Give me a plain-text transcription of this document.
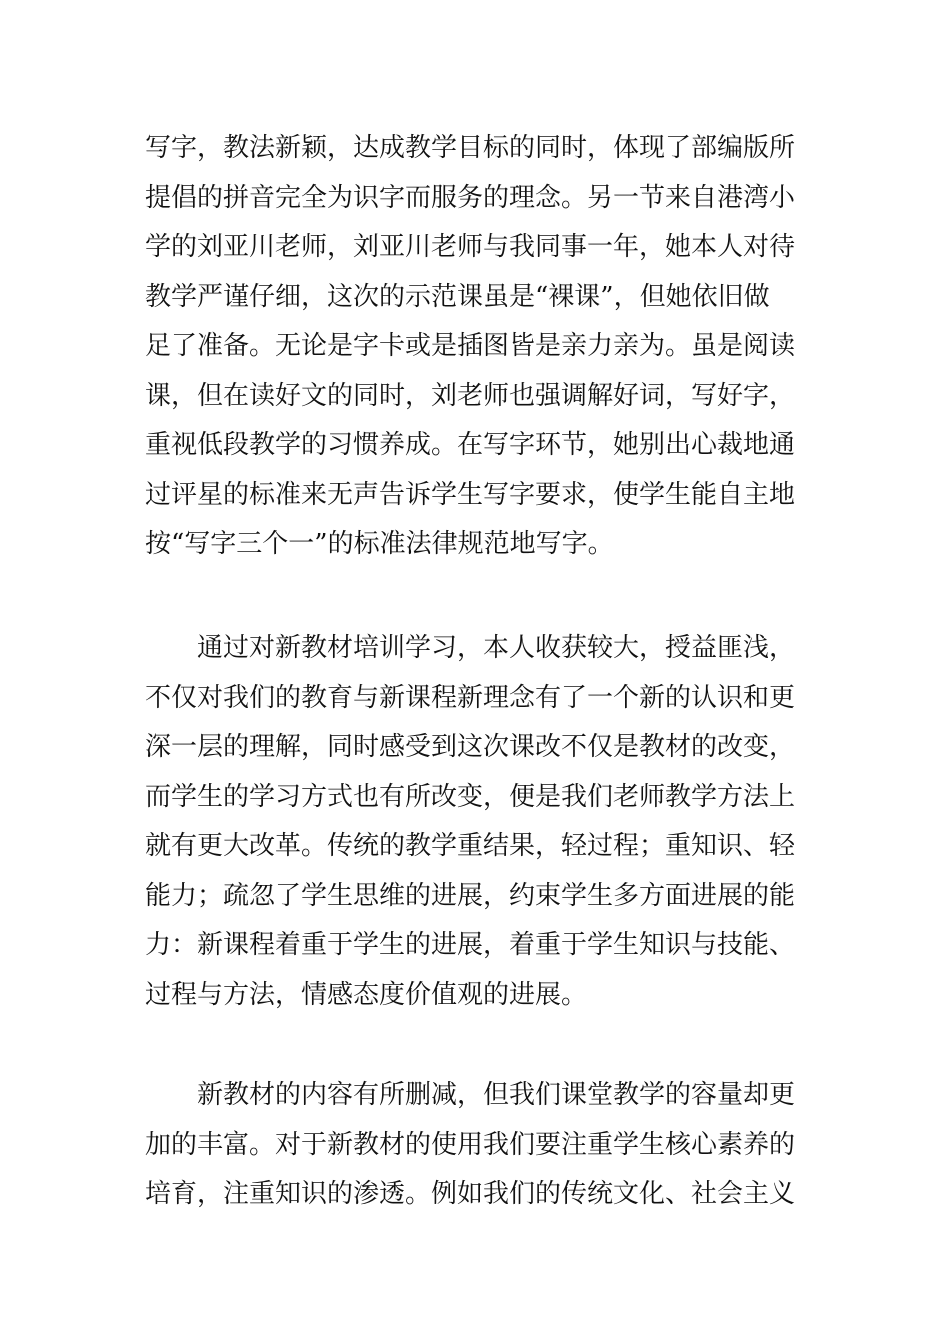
写字，教法新颖，达成教学目标的同时，体现了部编版所
提倡的拼音完全为识字而服务的理念。另一节来自港湾小
学的刘亚川老师，刘亚川老师与我同事一年，她本人对待
教学严谨仔细，这次的示范课虽是“裸课”，但她依旧做
足了准备。无论是字卡或是插图皆是亲力亲为。虽是阅读
课，但在读好文的同时，刘老师也强调解好词，写好字，
重视低段教学的习惯养成。在写字环节，她别出心裁地通
过评星的标准来无声告诉学生写字要求，使学生能自主地
按“写字三个一”的标准法律规范地写字。

通过对新教材培训学习，本人收获较大，授益匪浅，
不仅对我们的教育与新课程新理念有了一个新的认识和更
深一层的理解，同时感受到这次课改不仅是教材的改变，
而学生的学习方式也有所改变，便是我们老师教学方法上
就有更大改革。传统的教学重结果，轻过程；重知识、轻
能力；疏忽了学生思维的进展，约束学生多方面进展的能
力：新课程着重于学生的进展，着重于学生知识与技能、
过程与方法，情感态度价值观的进展。

新教材的内容有所删减，但我们课堂教学的容量却更
加的丰富。对于新教材的使用我们要注重学生核心素养的
培育，注重知识的渗透。例如我们的传统文化、社会主义
